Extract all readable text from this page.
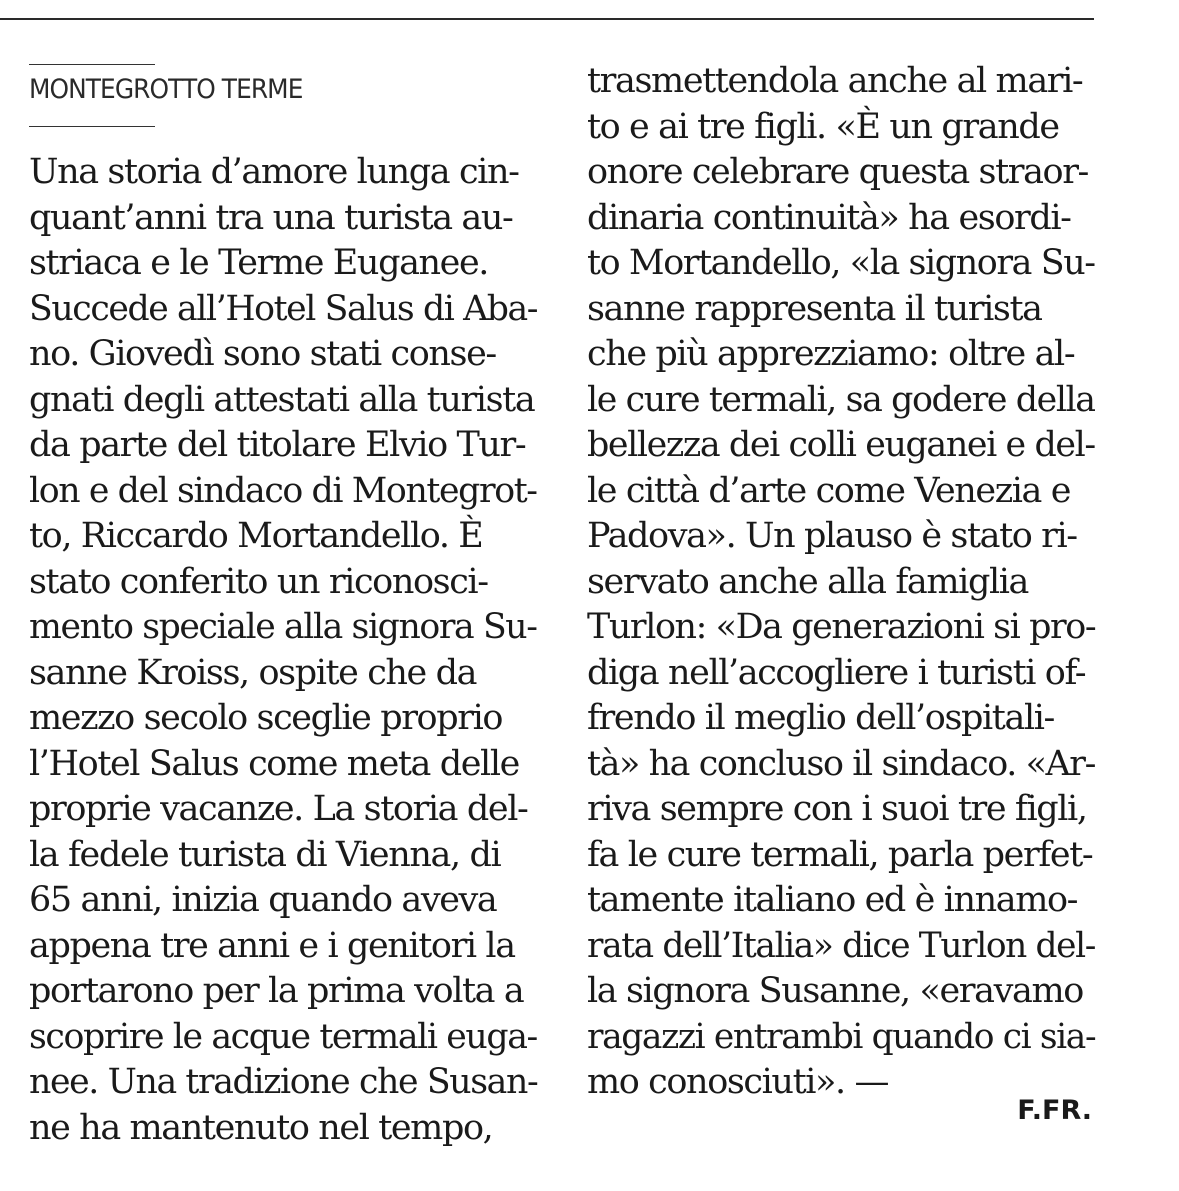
MONTEGROTTO TERME
Una storia d’amore lunga cin-
quant’anni tra una turista au-
striaca e le Terme Euganee.
Succede all’Hotel Salus di Aba-
no. Giovedì sono stati conse-
gnati degli attestati alla turista
da parte del titolare Elvio Tur-
lon e del sindaco di Montegrot-
to, Riccardo Mortandello. È
stato conferito un riconosci-
mento speciale alla signora Su-
sanne Kroiss, ospite che da
mezzo secolo sceglie proprio
l’Hotel Salus come meta delle
proprie vacanze. La storia del-
la fedele turista di Vienna, di
65 anni, inizia quando aveva
appena tre anni e i genitori la
portarono per la prima volta a
scoprire le acque termali euga-
nee. Una tradizione che Susan-
ne ha mantenuto nel tempo,
trasmettendola anche al mari-
to e ai tre figli. «È un grande
onore celebrare questa straor-
dinaria continuità» ha esordi-
to Mortandello, «la signora Su-
sanne rappresenta il turista
che più apprezziamo: oltre al-
le cure termali, sa godere della
bellezza dei colli euganei e del-
le città d’arte come Venezia e
Padova». Un plauso è stato ri-
servato anche alla famiglia
Turlon: «Da generazioni si pro-
diga nell’accogliere i turisti of-
frendo il meglio dell’ospitali-
tà» ha concluso il sindaco. «Ar-
riva sempre con i suoi tre figli,
fa le cure termali, parla perfet-
tamente italiano ed è innamo-
rata dell’Italia» dice Turlon del-
la signora Susanne, «eravamo
ragazzi entrambi quando ci sia-
mo conosciuti». —
F.FR.
